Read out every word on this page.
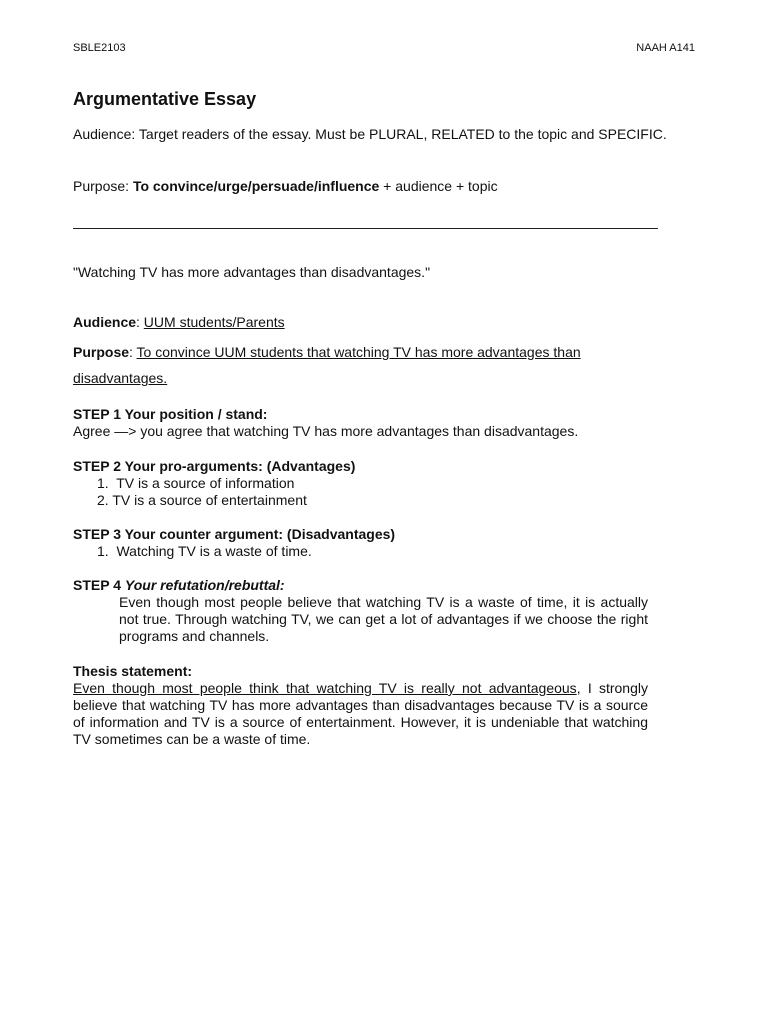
SBLE2103	NAAH A141
Argumentative Essay
Audience: Target readers of the essay. Must be PLURAL, RELATED to the topic and SPECIFIC.
Purpose: To convince/urge/persuade/influence + audience + topic
"Watching TV has more advantages than disadvantages."
Audience: UUM students/Parents
Purpose: To convince UUM students that watching TV has more advantages than
disadvantages.
STEP 1 Your position / stand:
Agree —> you agree that watching TV has more advantages than disadvantages.
STEP 2 Your pro-arguments: (Advantages)
1. TV is a source of information
2. TV is a source of entertainment
STEP 3 Your counter argument: (Disadvantages)
1. Watching TV is a waste of time.
STEP 4 Your refutation/rebuttal:
Even though most people believe that watching TV is a waste of time, it is actually not true. Through watching TV, we can get a lot of advantages if we choose the right programs and channels.
Thesis statement:
Even though most people think that watching TV is really not advantageous, I strongly believe that watching TV has more advantages than disadvantages because TV is a source of information and TV is a source of entertainment. However, it is undeniable that watching TV sometimes can be a waste of time.
